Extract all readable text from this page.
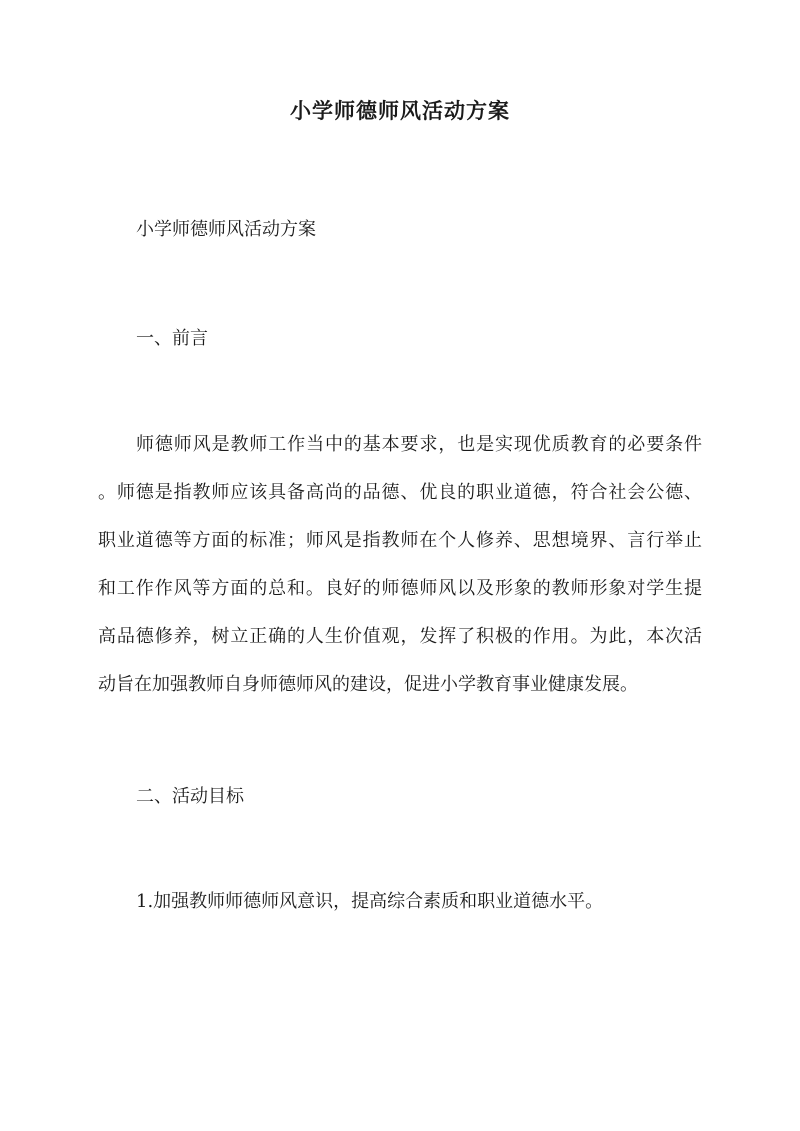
小学师德师风活动方案
小学师德师风活动方案
一、前言
师德师风是教师工作当中的基本要求，也是实现优质教育的必要条件
。师德是指教师应该具备高尚的品德、优良的职业道德，符合社会公德、
职业道德等方面的标准；师风是指教师在个人修养、思想境界、言行举止
和工作作风等方面的总和。良好的师德师风以及形象的教师形象对学生提
高品德修养，树立正确的人生价值观，发挥了积极的作用。为此，本次活
动旨在加强教师自身师德师风的建设，促进小学教育事业健康发展。
二、活动目标
1.加强教师师德师风意识，提高综合素质和职业道德水平。
